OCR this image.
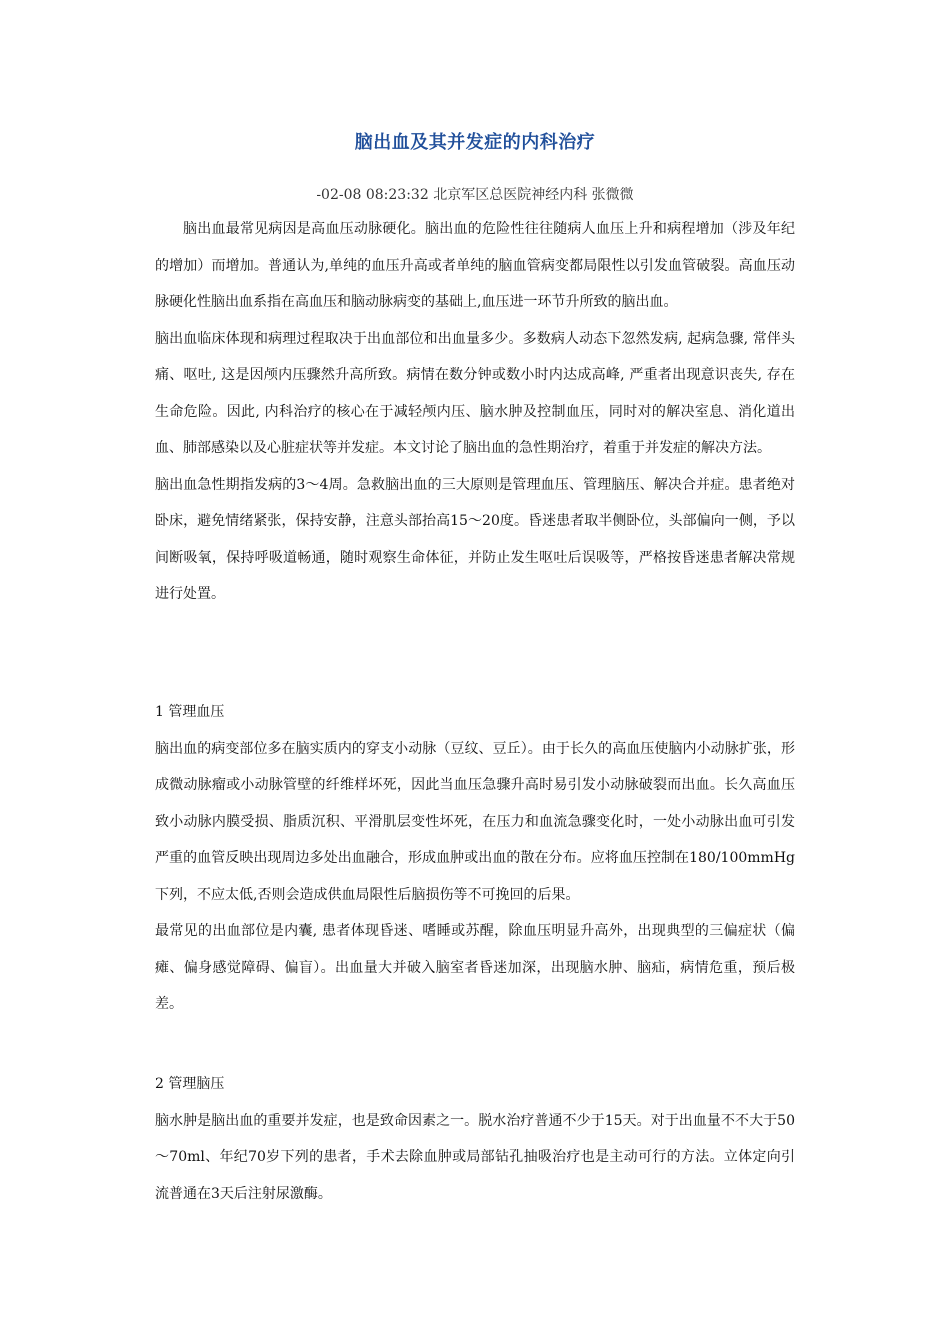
脑出血及其并发症的内科治疗
-02-08 08:23:32 北京军区总医院神经内科 张微微

脑出血最常见病因是高血压动脉硬化。脑出血的危险性往往随病人血压上升和病程增加（涉及年纪的增加）而增加。普通认为,单纯的血压升高或者单纯的脑血管病变都局限性以引发血管破裂。高血压动脉硬化性脑出血系指在高血压和脑动脉病变的基础上,血压进一环节升所致的脑出血。

脑出血临床体现和病理过程取决于出血部位和出血量多少。多数病人动态下忽然发病, 起病急骤, 常伴头痛、呕吐, 这是因颅内压骤然升高所致。病情在数分钟或数小时内达成高峰, 严重者出现意识丧失, 存在生命危险。因此, 内科治疗的核心在于减轻颅内压、脑水肿及控制血压，同时对的解决室息、消化道出血、肺部感染以及心脏症状等并发症。本文讨论了脑出血的急性期治疗，着重于并发症的解决方法。

脑出血急性期指发病的3～4周。急救脑出血的三大原则是管理血压、管理脑压、解决合并症。患者绝对卧床，避免情绪紧张，保持安静，注意头部抬高15～20度。昏迷患者取半侧卧位，头部偏向一侧，予以间断吸氧，保持呼吸道畅通，随时观察生命体征，并防止发生呕吐后误吸等，严格按昏迷患者解决常规进行处置。

1 管理血压

脑出血的病变部位多在脑实质内的穿支小动脉（豆纹、豆丘）。由于长久的高血压使脑内小动脉扩张，形成微动脉瘤或小动脉管壁的纤维样坏死，因此当血压急骤升高时易引发小动脉破裂而出血。长久高血压致小动脉内膜受损、脂质沉积、平滑肌层变性坏死，在压力和血流急骤变化时，一处小动脉出血可引发严重的血管反映出现周边多处出血融合，形成血肿或出血的散在分布。应将血压控制在180/100mmHg下列，不应太低,否则会造成供血局限性后脑损伤等不可挽回的后果。

最常见的出血部位是内囊, 患者体现昏迷、嗜睡或苏醒，除血压明显升高外，出现典型的三偏症状（偏瘫、偏身感觉障碍、偏盲）。出血量大并破入脑室者昏迷加深，出现脑水肿、脑疝，病情危重，预后极差。

2 管理脑压

脑水肿是脑出血的重要并发症，也是致命因素之一。脱水治疗普通不少于15天。对于出血量不不大于50～70ml、年纪70岁下列的患者，手术去除血肿或局部钻孔抽吸治疗也是主动可行的方法。立体定向引流普通在3天后注射尿激酶。
